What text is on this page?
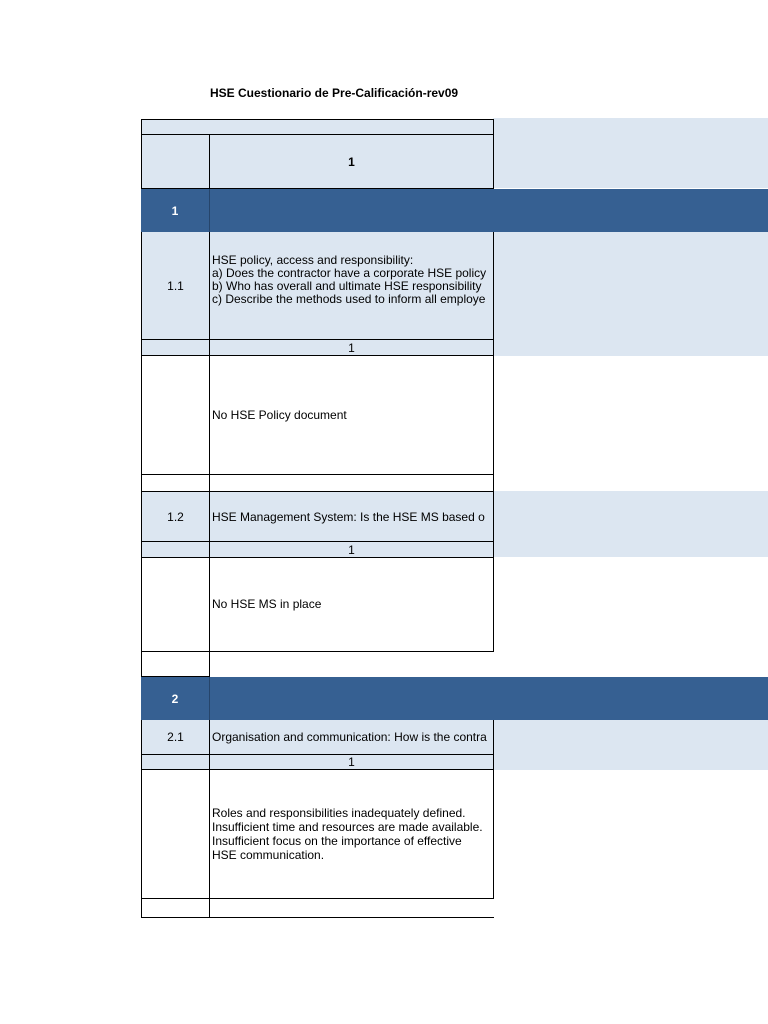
HSE Cuestionario de Pre-Calificación-rev09
1
1
1.1
HSE policy, access and responsibility:
a) Does the contractor have a corporate HSE policy
b) Who has overall and ultimate HSE responsibility
c) Describe the methods used to inform all employe
1
No HSE Policy document
1.2	HSE Management System: Is the HSE MS based o
1
No HSE MS in place
2
2.1	Organisation and communication: How is the contra
1
Roles and responsibilities inadequately defined. Insufficient time and resources are made available. Insufficient focus on the importance of effective HSE communication.
